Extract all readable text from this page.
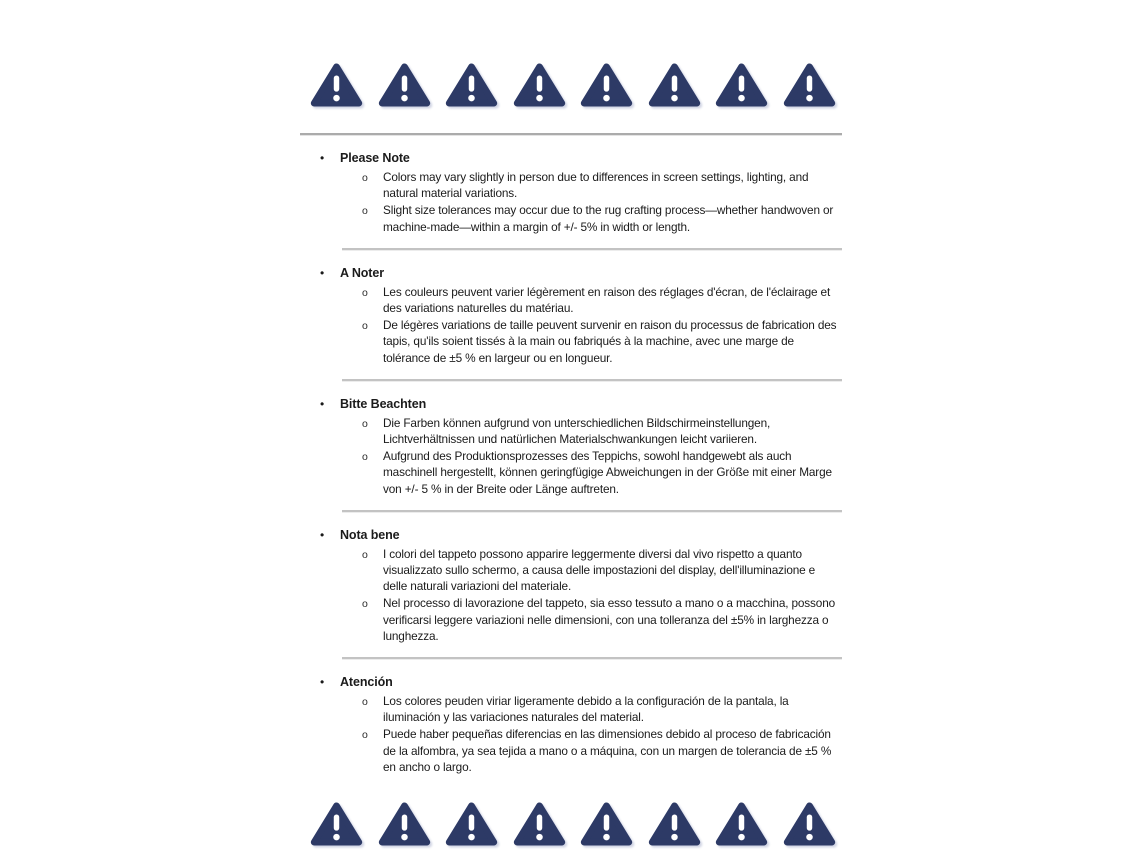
•	Please Note
o	Colors may vary slightly in person due to differences in screen settings, lighting, and natural material variations.
o	Slight size tolerances may occur due to the rug crafting process—whether handwoven or machine-made—within a margin of +/- 5% in width or length.
•	A Noter
o	Les couleurs peuvent varier légèrement en raison des réglages d'écran, de l'éclairage et des variations naturelles du matériau.
o	De légères variations de taille peuvent survenir en raison du processus de fabrication des tapis, qu'ils soient tissés à la main ou fabriqués à la machine, avec une marge de tolérance de ±5 % en largeur ou en longueur.
•	Bitte Beachten
o	Die Farben können aufgrund von unterschiedlichen Bildschirmeinstellungen, Lichtverhältnissen und natürlichen Materialschwankungen leicht variieren.
o	Aufgrund des Produktionsprozesses des Teppichs, sowohl handgewebt als auch maschinell hergestellt, können geringfügige Abweichungen in der Größe mit einer Marge von +/- 5 % in der Breite oder Länge auftreten.
•	Nota bene
o	I colori del tappeto possono apparire leggermente diversi dal vivo rispetto a quanto visualizzato sullo schermo, a causa delle impostazioni del display, dell'illuminazione e delle naturali variazioni del materiale.
o	Nel processo di lavorazione del tappeto, sia esso tessuto a mano o a macchina, possono verificarsi leggere variazioni nelle dimensioni, con una tolleranza del ±5% in larghezza o lunghezza.
•	Atención
o	Los colores peuden viriar ligeramente debido a la configuración de la pantala, la iluminación y las variaciones naturales del material.
o	Puede haber pequeñas diferencias en las dimensiones debido al proceso de fabricación de la alfombra, ya sea tejida a mano o a máquina, con un margen de tolerancia de ±5 % en ancho o largo.
